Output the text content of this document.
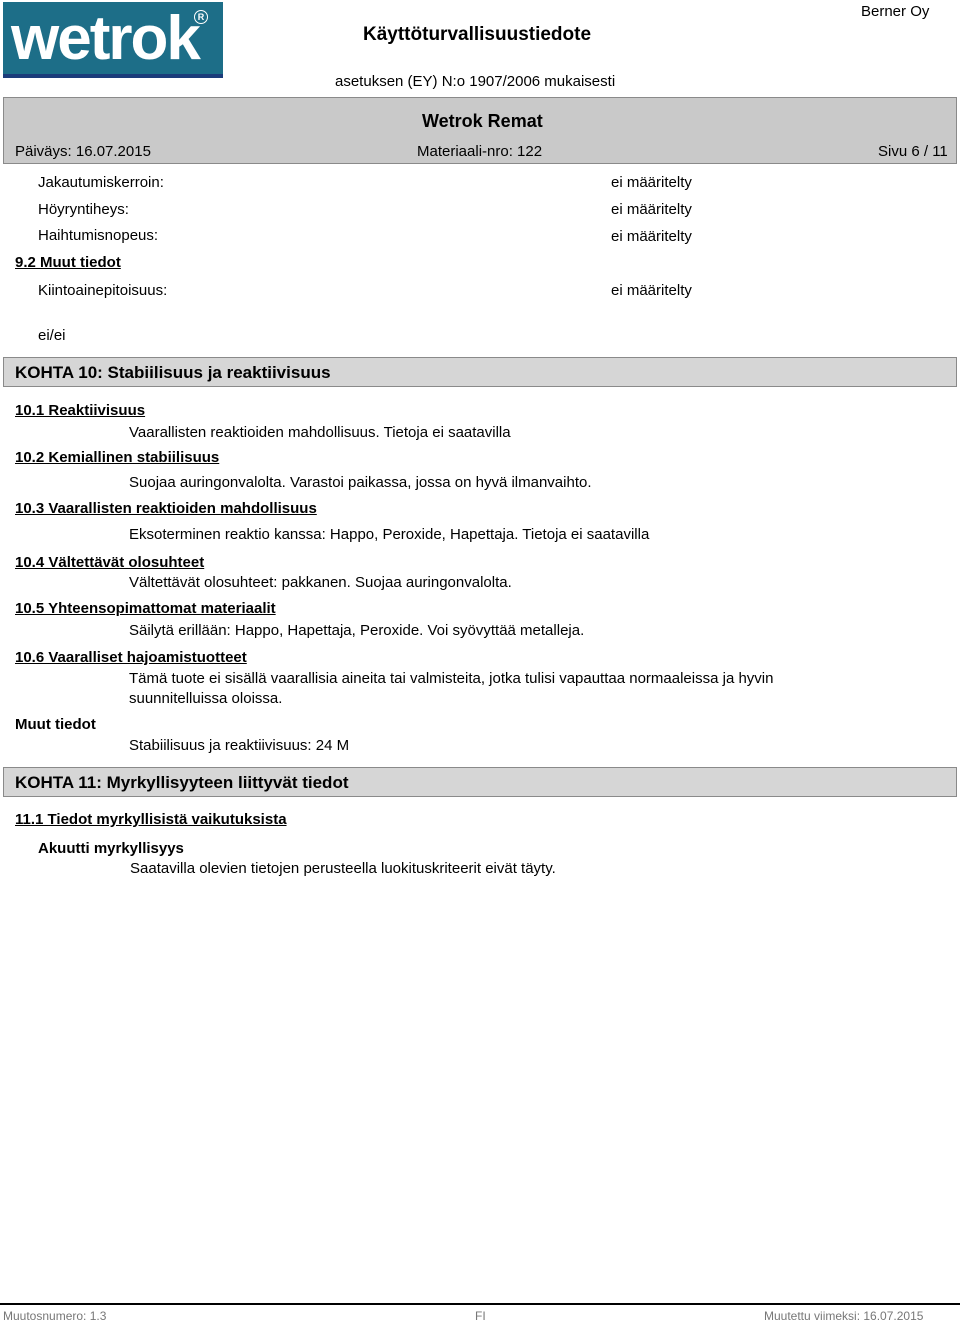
wetrok
R
Käyttöturvallisuustiedote
Berner Oy
asetuksen (EY) N:o 1907/2006 mukaisesti
Wetrok Remat
Päiväys: 16.07.2015	Materiaali-nro: 122	Sivu 6 / 11
Jakautumiskerroin:	ei määritelty
Höyryntiheys:	ei määritelty
Haihtumisnopeus:	ei määritelty
9.2 Muut tiedot
Kiintoainepitoisuus:	ei määritelty
ei/ei
KOHTA 10: Stabiilisuus ja reaktiivisuus
10.1 Reaktiivisuus
Vaarallisten reaktioiden mahdollisuus. Tietoja ei saatavilla
10.2 Kemiallinen stabiilisuus
Suojaa auringonvalolta. Varastoi paikassa, jossa on hyvä ilmanvaihto.
10.3 Vaarallisten reaktioiden mahdollisuus
Eksoterminen reaktio kanssa: Happo, Peroxide, Hapettaja. Tietoja ei saatavilla
10.4 Vältettävät olosuhteet
Vältettävät olosuhteet: pakkanen. Suojaa auringonvalolta.
10.5 Yhteensopimattomat materiaalit
Säilytä erillään: Happo, Hapettaja, Peroxide. Voi syövyttää metalleja.
10.6 Vaaralliset hajoamistuotteet
Tämä tuote ei sisällä vaarallisia aineita tai valmisteita, jotka tulisi vapauttaa normaaleissa ja hyvin
suunnitelluissa oloissa.
Muut tiedot
Stabiilisuus ja reaktiivisuus: 24 M
KOHTA 11: Myrkyllisyyteen liittyvät tiedot
11.1 Tiedot myrkyllisistä vaikutuksista
Akuutti myrkyllisyys
Saatavilla olevien tietojen perusteella luokituskriteerit eivät täyty.
Muutosnumero: 1.3	FI	Muutettu viimeksi: 16.07.2015
